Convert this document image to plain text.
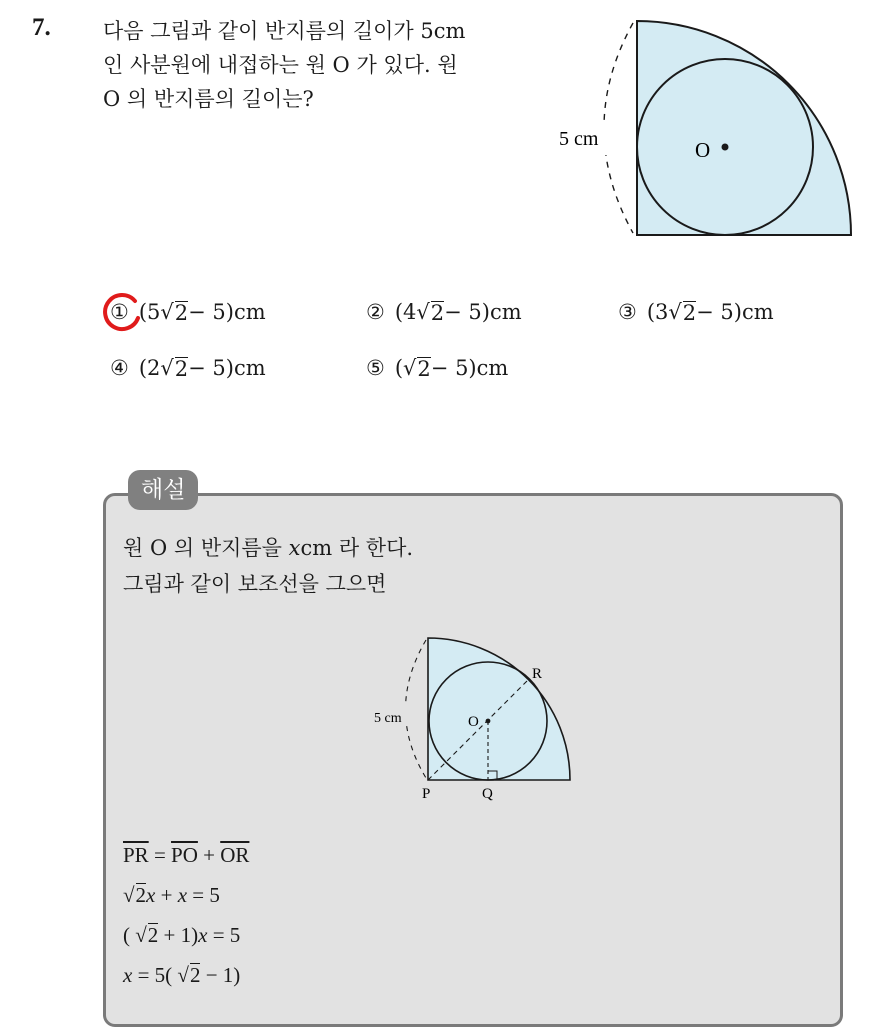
7. 다음 그림과 같이 반지름의 길이가 5cm
인 사분원에 내접하는 원 O 가 있다. 원
O 의 반지름의 길이는?
5 cm	O
① (5 √ 2 − 5)cm	② (4 √ 2 − 5)cm	③ (3 √ 2 − 5)cm
④ (2 √ 2 − 5)cm	⑤ ( √ 2 − 5)cm
해설
원 O 의 반지름을 xcm 라 한다.
그림과 같이 보조선을 그으면
5 cm	O
R
P	Q
$\overline{PR} = \overline{PO} + \overline{OR}$
√2x + x = 5
( √2 + 1)x = 5
x = 5( √2 − 1)
